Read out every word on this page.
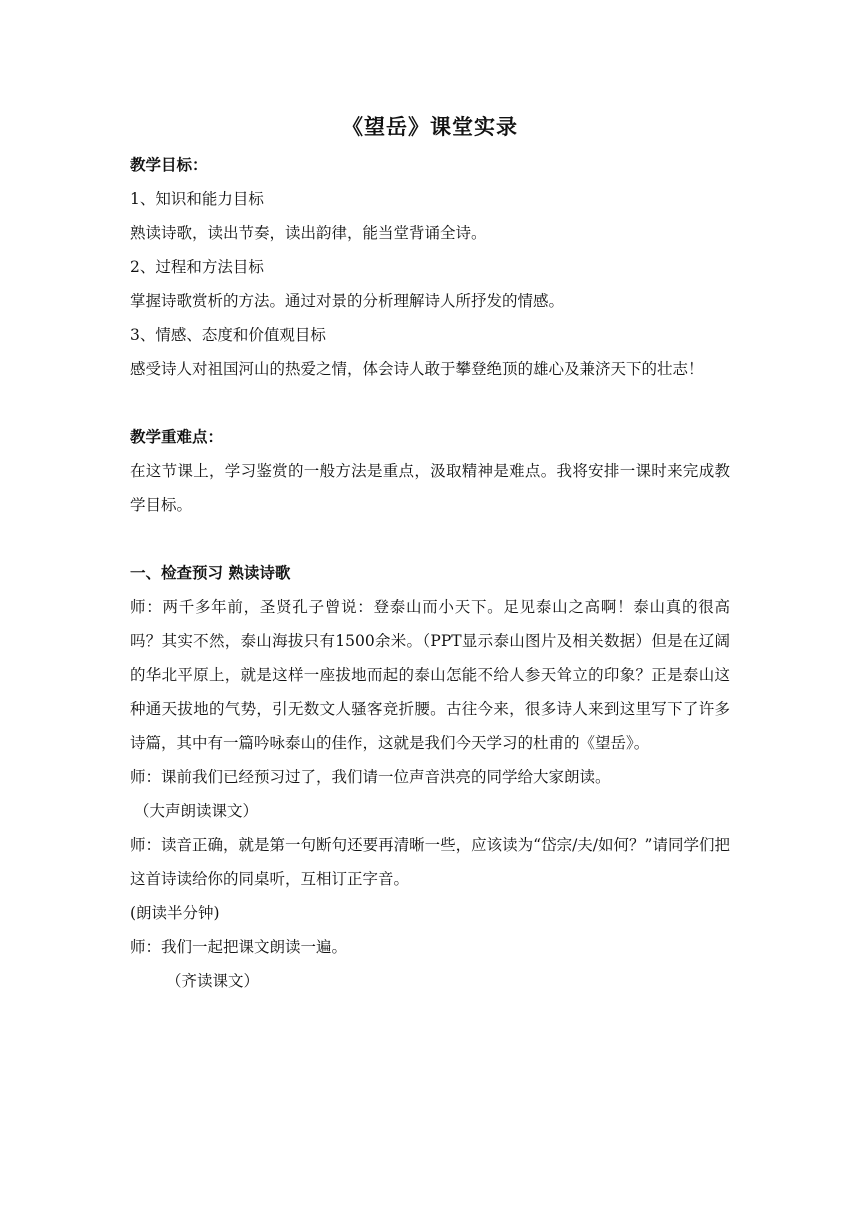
《望岳》课堂实录

教学目标：

1、知识和能力目标

熟读诗歌，读出节奏，读出韵律，能当堂背诵全诗。

2、过程和方法目标

掌握诗歌赏析的方法。通过对景的分析理解诗人所抒发的情感。

3、情感、态度和价值观目标

感受诗人对祖国河山的热爱之情，体会诗人敢于攀登绝顶的雄心及兼济天下的壮志！

教学重难点：

在这节课上，学习鉴赏的一般方法是重点，汲取精神是难点。我将安排一课时来完成教学目标。

一、检查预习 熟读诗歌

师：两千多年前，圣贤孔子曾说：登泰山而小天下。足见泰山之高啊！泰山真的很高吗？其实不然，泰山海拔只有1500余米。（PPT显示泰山图片及相关数据）但是在辽阔的华北平原上，就是这样一座拔地而起的泰山怎能不给人参天耸立的印象？正是泰山这种通天拔地的气势，引无数文人骚客竞折腰。古往今来，很多诗人来到这里写下了许多诗篇，其中有一篇吟咏泰山的佳作，这就是我们今天学习的杜甫的《望岳》。

师：课前我们已经预习过了，我们请一位声音洪亮的同学给大家朗读。

（大声朗读课文）

师：读音正确，就是第一句断句还要再清晰一些，应该读为“岱宗/夫/如何？”请同学们把这首诗读给你的同桌听，互相订正字音。

(朗读半分钟)

师：我们一起把课文朗读一遍。

（齐读课文）
